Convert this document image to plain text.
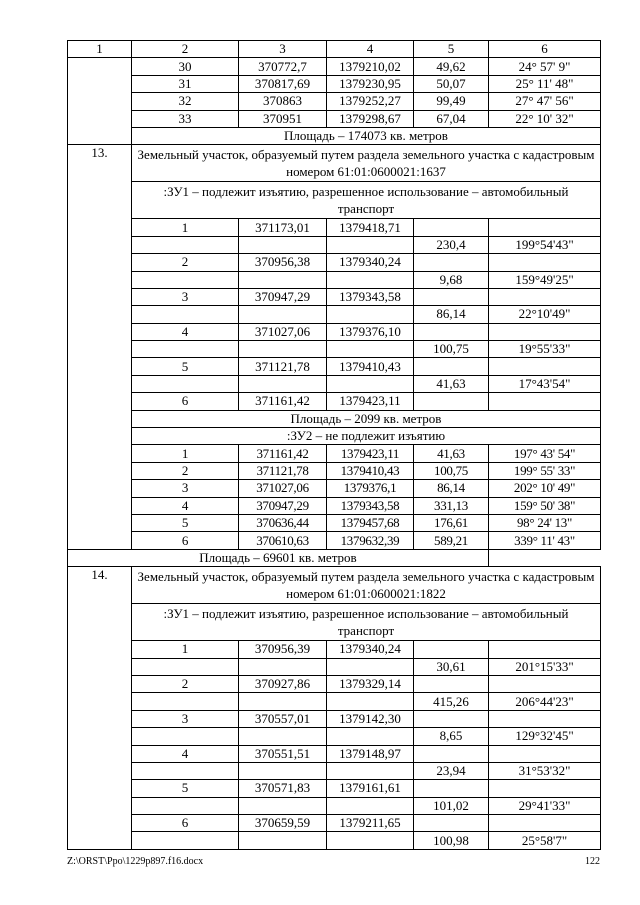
1	2	3	4	5	6
	30	370772,7	1379210,02	49,62	24° 57' 9"
	31	370817,69	1379230,95	50,07	25° 11' 48"
	32	370863	1379252,27	99,49	27° 47' 56"
	33	370951	1379298,67	67,04	22° 10' 32"
	Площадь – 174073 кв. метров				
13.	Земельный участок, образуемый путем раздела земельного участка с кадастровым номером 61:01:0600021:1637				

	:ЗУ1 – подлежит изъятию, разрешенное использование – автомобильный транспорт				

	1	371173,01	1379418,71		
				230,4	199°54'43"
	2	370956,38	1379340,24		
				9,68	159°49'25"
	3	370947,29	1379343,58		
				86,14	22°10'49"
	4	371027,06	1379376,10		
				100,75	19°55'33"
	5	371121,78	1379410,43		
				41,63	17°43'54"
	6	371161,42	1379423,11		
	Площадь – 2099 кв. метров				
	:ЗУ2 – не подлежит изъятию				
	1	371161,42	1379423,11	41,63	197° 43' 54"
	2	371121,78	1379410,43	100,75	199° 55' 33"
	3	371027,06	1379376,1	86,14	202° 10' 49"
	4	370947,29	1379343,58	331,13	159° 50' 38"
	5	370636,44	1379457,68	176,61	98° 24' 13"
	6	370610,63	1379632,39	589,21	339° 11' 43"
Площадь – 69601 кв. метров					
14.	Земельный участок, образуемый путем раздела земельного участка с кадастровым номером 61:01:0600021:1822				

	:ЗУ1 – подлежит изъятию, разрешенное использование – автомобильный транспорт				

	1	370956,39	1379340,24		
				30,61	201°15'33"
	2	370927,86	1379329,14		
				415,26	206°44'23"
	3	370557,01	1379142,30		
				8,65	129°32'45"
	4	370551,51	1379148,97		
				23,94	31°53'32"
	5	370571,83	1379161,61		
				101,02	29°41'33"
	6	370659,59	1379211,65		
				100,98	25°58'7"
Z:\ORST\Ppo\1229p897.f16.docx	122
